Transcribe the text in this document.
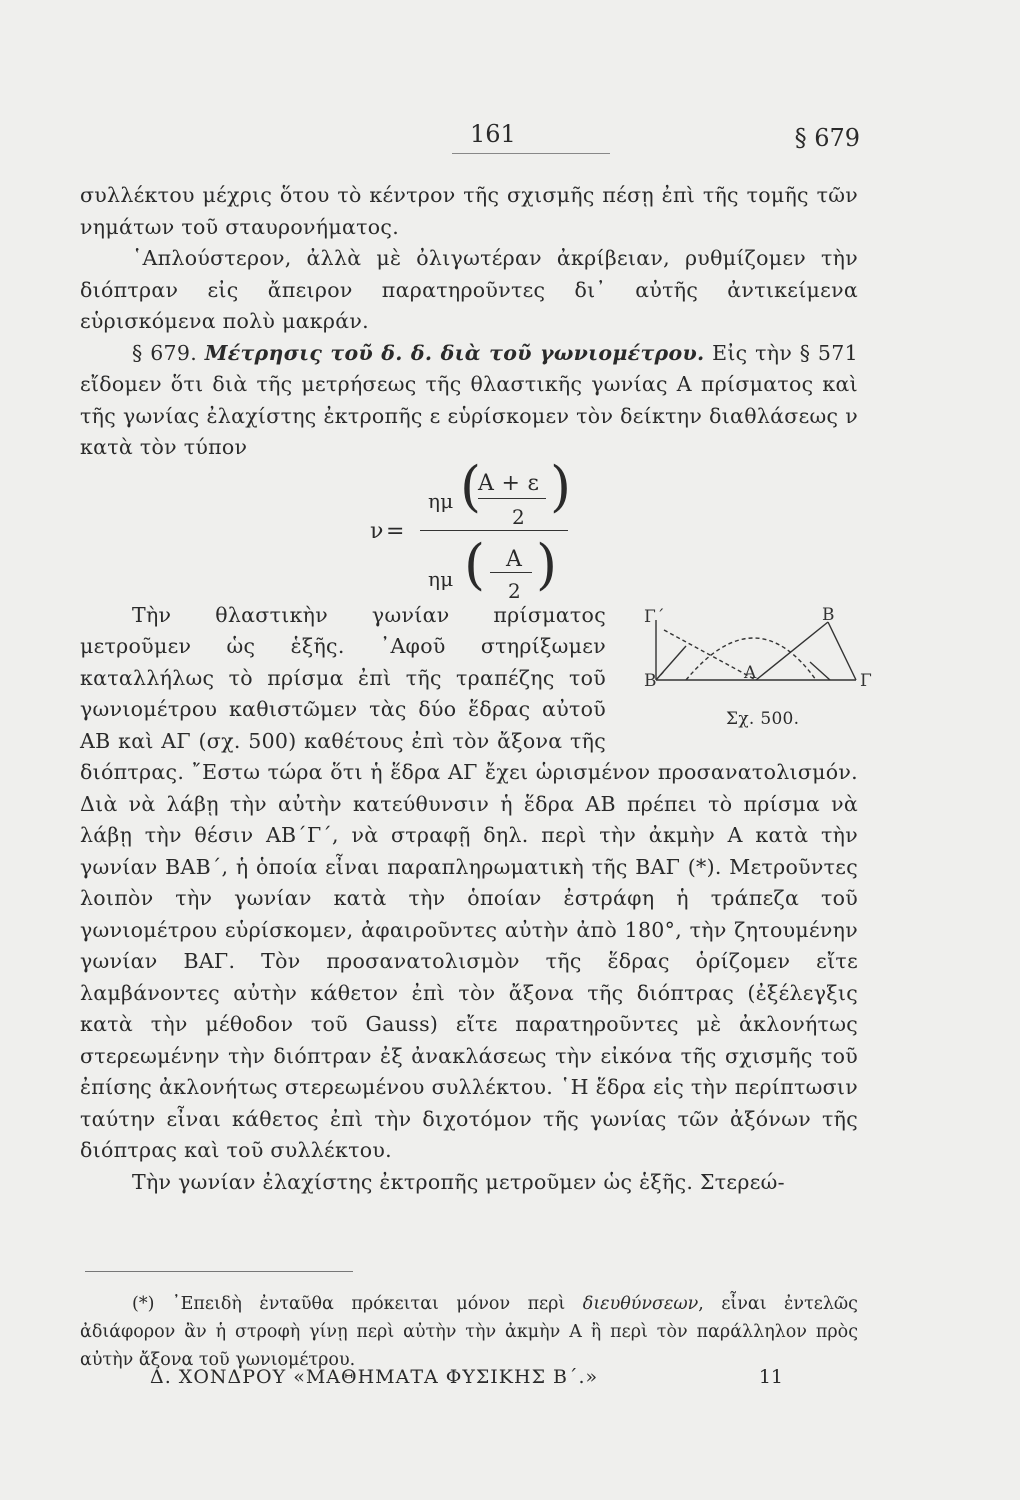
161	§ 679

συλλέκτου μέχρις ὅτου τὸ κέντρον τῆς σχισμῆς πέσῃ ἐπὶ τῆς τομῆς τῶν νημάτων τοῦ σταυρονήματος.

῾Απλούστερον, ἀλλὰ μὲ ὀλιγωτέραν ἀκρίβειαν, ρυθμίζομεν τὴν διόπτραν εἰς ἄπειρον παρατηροῦντες δι᾿ αὐτῆς ἀντικείμενα εὑρισκόμενα πολὺ μακράν.

§ 679. Μέτρησις τοῦ δ. δ. διὰ τοῦ γωνιομέτρου. Εἰς τὴν § 571 εἴδομεν ὅτι διὰ τῆς μετρήσεως τῆς θλαστικῆς γωνίας Α πρίσματος καὶ τῆς γωνίας ἐλαχίστης ἐκτροπῆς ε εὑρίσκομεν τὸν δείκτην διαθλάσεως ν κατὰ τὸν τύπον

ν =
ημ (
Α + ε
2 )
ημ ( Α
2 )
Γ΄	Β
Β΄	Α	Γ
Σχ. 500.

Τὴν θλαστικὴν γωνίαν πρίσματος μετροῦμεν ὡς ἑξῆς. ᾿Αφοῦ στηρίξωμεν καταλλήλως τὸ πρίσμα ἐπὶ τῆς τραπέζης τοῦ γωνιομέτρου καθιστῶμεν τὰς δύο ἕδρας αὐτοῦ ΑΒ καὶ ΑΓ (σχ. 500) καθέτους ἐπὶ τὸν ἄξονα τῆς διόπτρας. ῎Εστω τώρα ὅτι ἡ ἕδρα ΑΓ ἔχει ὡρισμένον προσανατολισμόν. Διὰ νὰ λάβῃ τὴν αὐτὴν κατεύθυνσιν ἡ ἕδρα ΑΒ πρέπει τὸ πρίσμα νὰ λάβῃ τὴν θέσιν ΑΒ΄Γ΄, νὰ στραφῇ δηλ. περὶ τὴν ἀκμὴν Α κατὰ τὴν γωνίαν ΒΑΒ΄, ἡ ὁποία εἶναι παραπληρωματικὴ τῆς ΒΑΓ (*). Μετροῦντες λοιπὸν τὴν γωνίαν κατὰ τὴν ὁποίαν ἐστράφη ἡ τράπεζα τοῦ γωνιομέτρου εὑρίσκομεν, ἀφαιροῦντες αὐτὴν ἀπὸ 180°, τὴν ζητουμένην γωνίαν ΒΑΓ. Τὸν προσανατολισμὸν τῆς ἕδρας ὁρίζομεν εἴτε λαμβάνοντες αὐτὴν κάθετον ἐπὶ τὸν ἄξονα τῆς διόπτρας (ἐξέλεγξις κατὰ τὴν μέθοδον τοῦ Gauss) εἴτε παρατηροῦντες μὲ ἀκλονήτως στερεωμένην τὴν διόπτραν ἐξ ἀνακλάσεως τὴν εἰκόνα τῆς σχισμῆς τοῦ ἐπίσης ἀκλονήτως στερεωμένου συλλέκτου. ῾Η ἕδρα εἰς τὴν περίπτωσιν ταύτην εἶναι κάθετος ἐπὶ τὴν διχοτόμον τῆς γωνίας τῶν ἀξόνων τῆς διόπτρας καὶ τοῦ συλλέκτου.

Τὴν γωνίαν ἐλαχίστης ἐκτροπῆς μετροῦμεν ὡς ἑξῆς. Στερεώ-

(*) ᾿Επειδὴ ἐνταῦθα πρόκειται μόνον περὶ διευθύνσεων, εἶναι ἐντελῶς ἀδιάφορον ἂν ἡ στροφὴ γίνῃ περὶ αὐτὴν τὴν ἀκμὴν Α ἢ περὶ τὸν παράλληλον πρὸς αὐτὴν ἄξονα τοῦ γωνιομέτρου.

Δ. ΧΟΝΔΡΟΥ «ΜΑΘΗΜΑΤΑ ΦΥΣΙΚΗΣ Β΄.»	11
